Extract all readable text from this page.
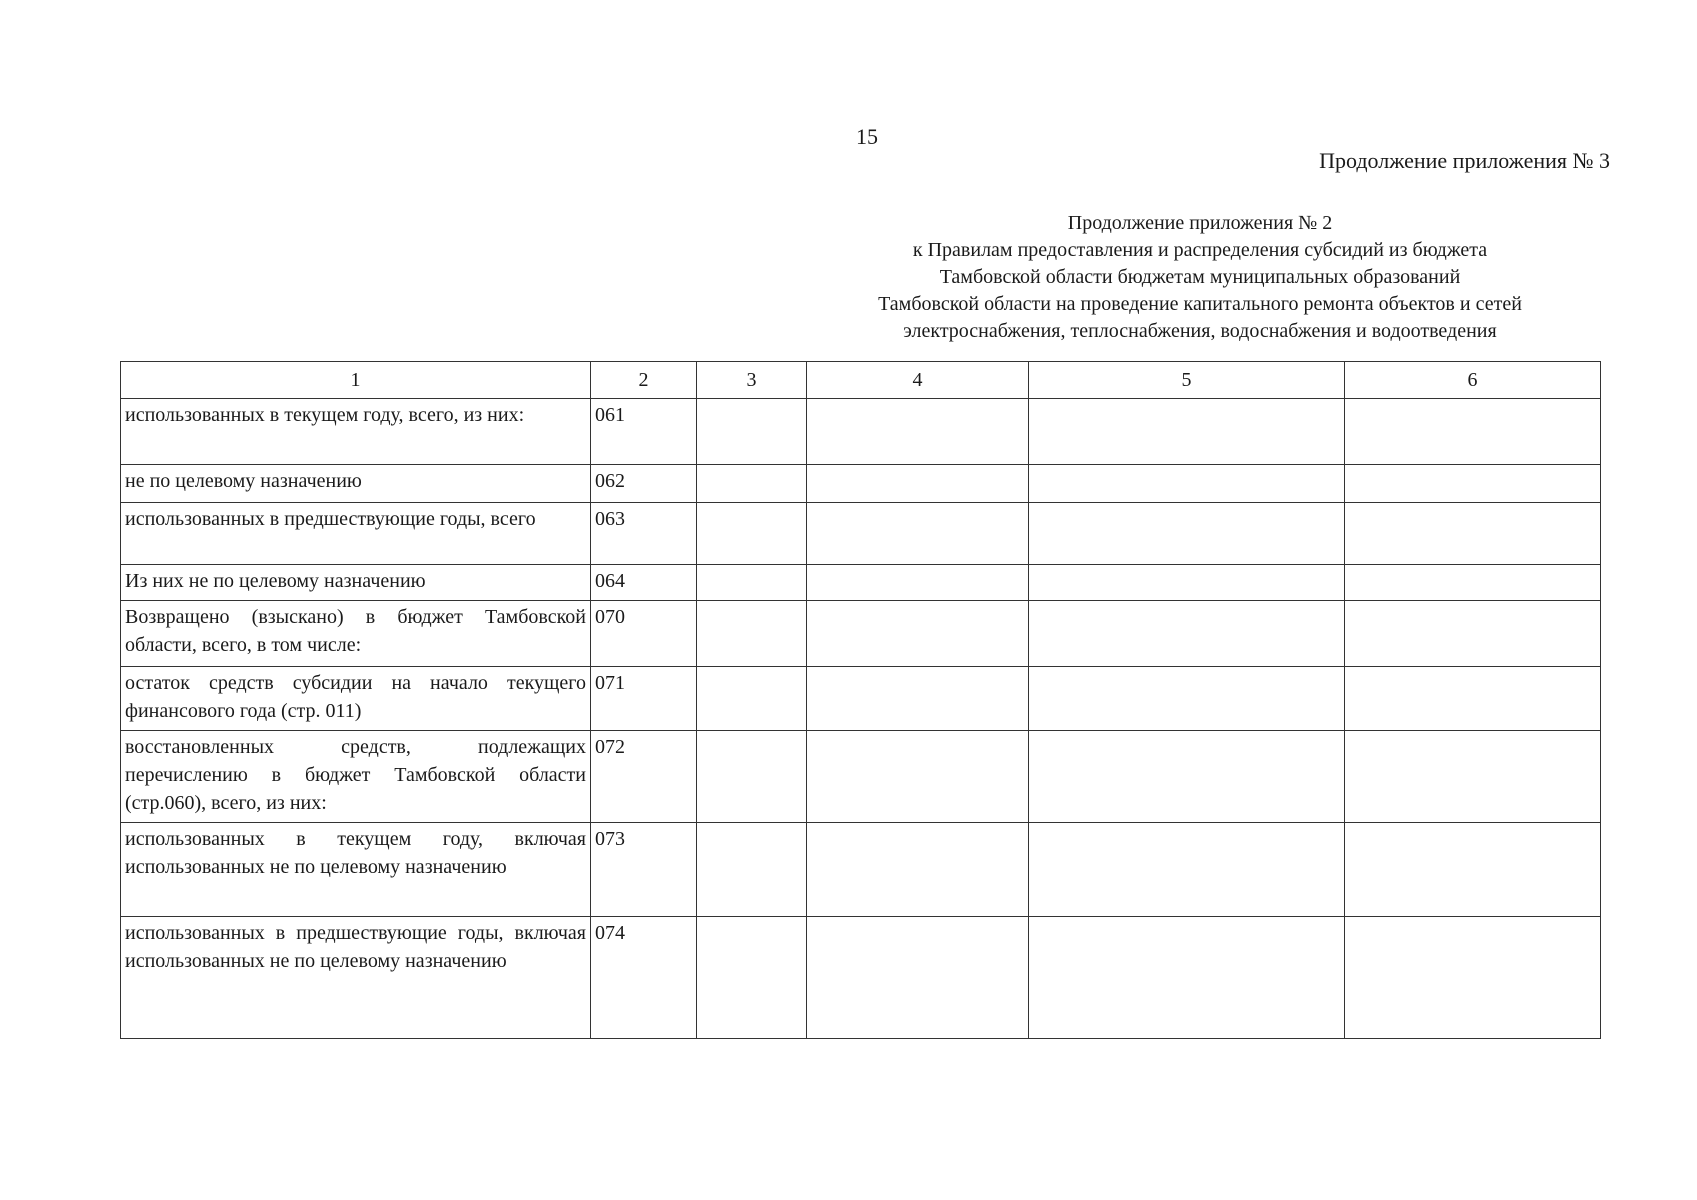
15
Продолжение приложения № 3
Продолжение приложения № 2
к Правилам предоставления и распределения субсидий из бюджета
Тамбовской области бюджетам муниципальных образований
Тамбовской области на проведение капитального ремонта объектов и сетей
электроснабжения, теплоснабжения, водоснабжения и водоотведения
1	2	3	4	5	6
использованных в текущем году, всего, из них:	061				
не по целевому назначению	062				
использованных в предшествующие годы, всего	063				
Из них не по целевому назначению	064				
Возвращено (взыскано) в бюджет Тамбовской области, всего, в том числе:	070				
остаток средств субсидии на начало текущего финансового года (стр. 011)	071				
восстановленных средств, подлежащих перечислению в бюджет Тамбовской области (стр.060), всего, из них:	072				
использованных в текущем году, включая использованных не по целевому назначению	073				
использованных в предшествующие годы, включая использованных не по целевому назначению	074				
